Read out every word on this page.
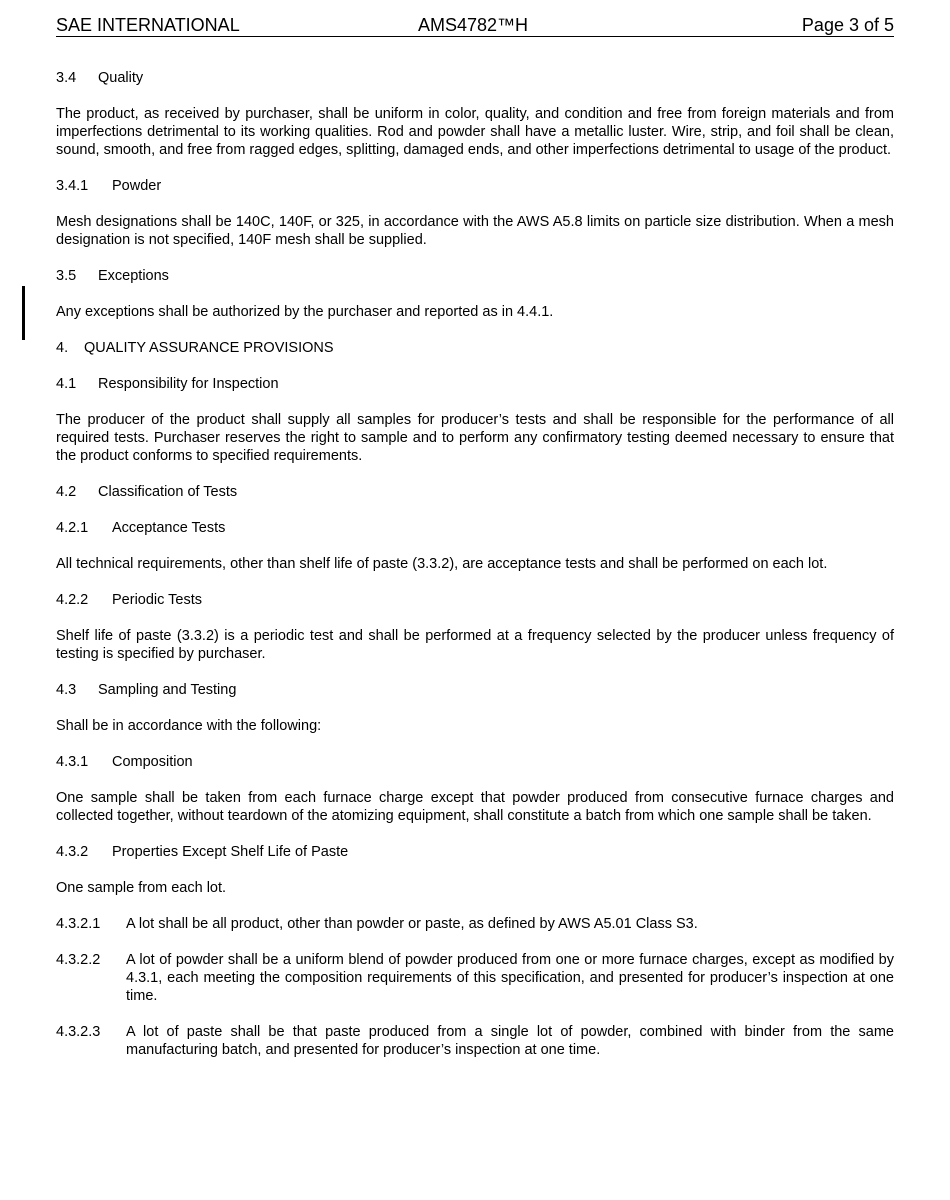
SAE INTERNATIONAL	AMS4782™H	Page 3 of 5
3.4 Quality

The product, as received by purchaser, shall be uniform in color, quality, and condition and free from foreign materials and from imperfections detrimental to its working qualities. Rod and powder shall have a metallic luster. Wire, strip, and foil shall be clean, sound, smooth, and free from ragged edges, splitting, damaged ends, and other imperfections detrimental to usage of the product.

3.4.1 Powder

Mesh designations shall be 140C, 140F, or 325, in accordance with the AWS A5.8 limits on particle size distribution. When a mesh designation is not specified, 140F mesh shall be supplied.

3.5 Exceptions

Any exceptions shall be authorized by the purchaser and reported as in 4.4.1.

4. QUALITY ASSURANCE PROVISIONS
4.1 Responsibility for Inspection

The producer of the product shall supply all samples for producer’s tests and shall be responsible for the performance of all required tests. Purchaser reserves the right to sample and to perform any confirmatory testing deemed necessary to ensure that the product conforms to specified requirements.

4.2 Classification of Tests
4.2.1 Acceptance Tests

All technical requirements, other than shelf life of paste (3.3.2), are acceptance tests and shall be performed on each lot.

4.2.2 Periodic Tests

Shelf life of paste (3.3.2) is a periodic test and shall be performed at a frequency selected by the producer unless frequency of testing is specified by purchaser.

4.3 Sampling and Testing

Shall be in accordance with the following:

4.3.1 Composition

One sample shall be taken from each furnace charge except that powder produced from consecutive furnace charges and collected together, without teardown of the atomizing equipment, shall constitute a batch from which one sample shall be taken.

4.3.2 Properties Except Shelf Life of Paste

One sample from each lot.

4.3.2.1	A lot shall be all product, other than powder or paste, as defined by AWS A5.01 Class S3.
4.3.2.2	A lot of powder shall be a uniform blend of powder produced from one or more furnace charges, except as modified by 4.3.1, each meeting the composition requirements of this specification, and presented for producer’s inspection at one time.
4.3.2.3	A lot of paste shall be that paste produced from a single lot of powder, combined with binder from the same manufacturing batch, and presented for producer’s inspection at one time.
